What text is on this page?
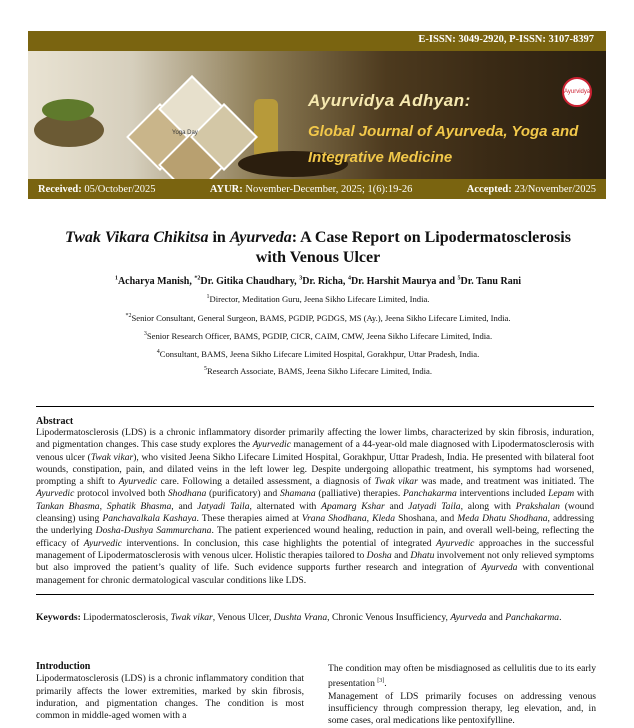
E-ISSN: 3049-2920, P-ISSN: 3107-8397
Yoga Day
Ayurvidya Adhyan:
Global Journal of Ayurveda, Yoga and
Integrative Medicine
Ayurvidya
Received: 05/October/2025	AYUR: November-December, 2025; 1(6):19-26	Accepted: 23/November/2025
Twak Vikara Chikitsa in Ayurveda: A Case Report on Lipodermatosclerosis
with Venous Ulcer
$^1$Acharya Manish, $^{*2}$Dr. Gitika Chaudhary, $^3$Dr. Richa, $^4$Dr. Harshit Maurya and $^5$Dr. Tanu Rani
$^1$Director, Meditation Guru, Jeena Sikho Lifecare Limited, India.
$^{*2}$Senior Consultant, General Surgeon, BAMS, PGDIP, PGDGS, MS (Ay.), Jeena Sikho Lifecare Limited, India.
$^3$Senior Research Officer, BAMS, PGDIP, CICR, CAIM, CMW, Jeena Sikho Lifecare Limited, India.
$^4$Consultant, BAMS, Jeena Sikho Lifecare Limited Hospital, Gorakhpur, Uttar Pradesh, India.
$^5$Research Associate, BAMS, Jeena Sikho Lifecare Limited, India.
Abstract

Lipodermatosclerosis (LDS) is a chronic inflammatory disorder primarily affecting the lower limbs, characterized by skin fibrosis, induration, and pigmentation changes. This case study explores the Ayurvedic management of a 44-year-old male diagnosed with Lipodermatosclerosis with venous ulcer (Twak vikar), who visited Jeena Sikho Lifecare Limited Hospital, Gorakhpur, Uttar Pradesh, India. He presented with bilateral foot wounds, constipation, pain, and dilated veins in the left lower leg. Despite undergoing allopathic treatment, his symptoms had worsened, prompting a shift to Ayurvedic care. Following a detailed assessment, a diagnosis of Twak vikar was made, and treatment was initiated. The Ayurvedic protocol involved both Shodhana (purificatory) and Shamana (palliative) therapies. Panchakarma interventions included Lepam with Tankan Bhasma, Sphatik Bhasma, and Jatyadi Taila, alternated with Apamarg Kshar and Jatyadi Taila, along with Prakshalan (wound cleansing) using Panchavalkala Kashaya. These therapies aimed at Vrana Shodhana, Kleda Shoshana, and Meda Dhatu Shodhana, addressing the underlying Dosha-Dushya Sammurchana. The patient experienced wound healing, reduction in pain, and overall well-being, reflecting the efficacy of Ayurvedic interventions. In conclusion, this case highlights the potential of integrated Ayurvedic approaches in the successful management of Lipodermatosclerosis with venous ulcer. Holistic therapies tailored to Dosha and Dhatu involvement not only relieved symptoms but also improved the patient’s quality of life. Such evidence supports further research and integration of Ayurveda with conventional management for chronic dermatological vascular conditions like LDS.

Keywords: Lipodermatosclerosis, Twak vikar, Venous Ulcer, Dushta Vrana, Chronic Venous Insufficiency, Ayurveda and Panchakarma.
Introduction

Lipodermatosclerosis (LDS) is a chronic inflammatory condition that primarily affects the lower extremities, marked by skin fibrosis, induration, and pigmentation changes. The condition is most common in middle-aged women with a

The condition may often be misdiagnosed as cellulitis due to its early presentation [3].

Management of LDS primarily focuses on addressing venous insufficiency through compression therapy, leg elevation, and, in some cases, oral medications like pentoxifylline.
